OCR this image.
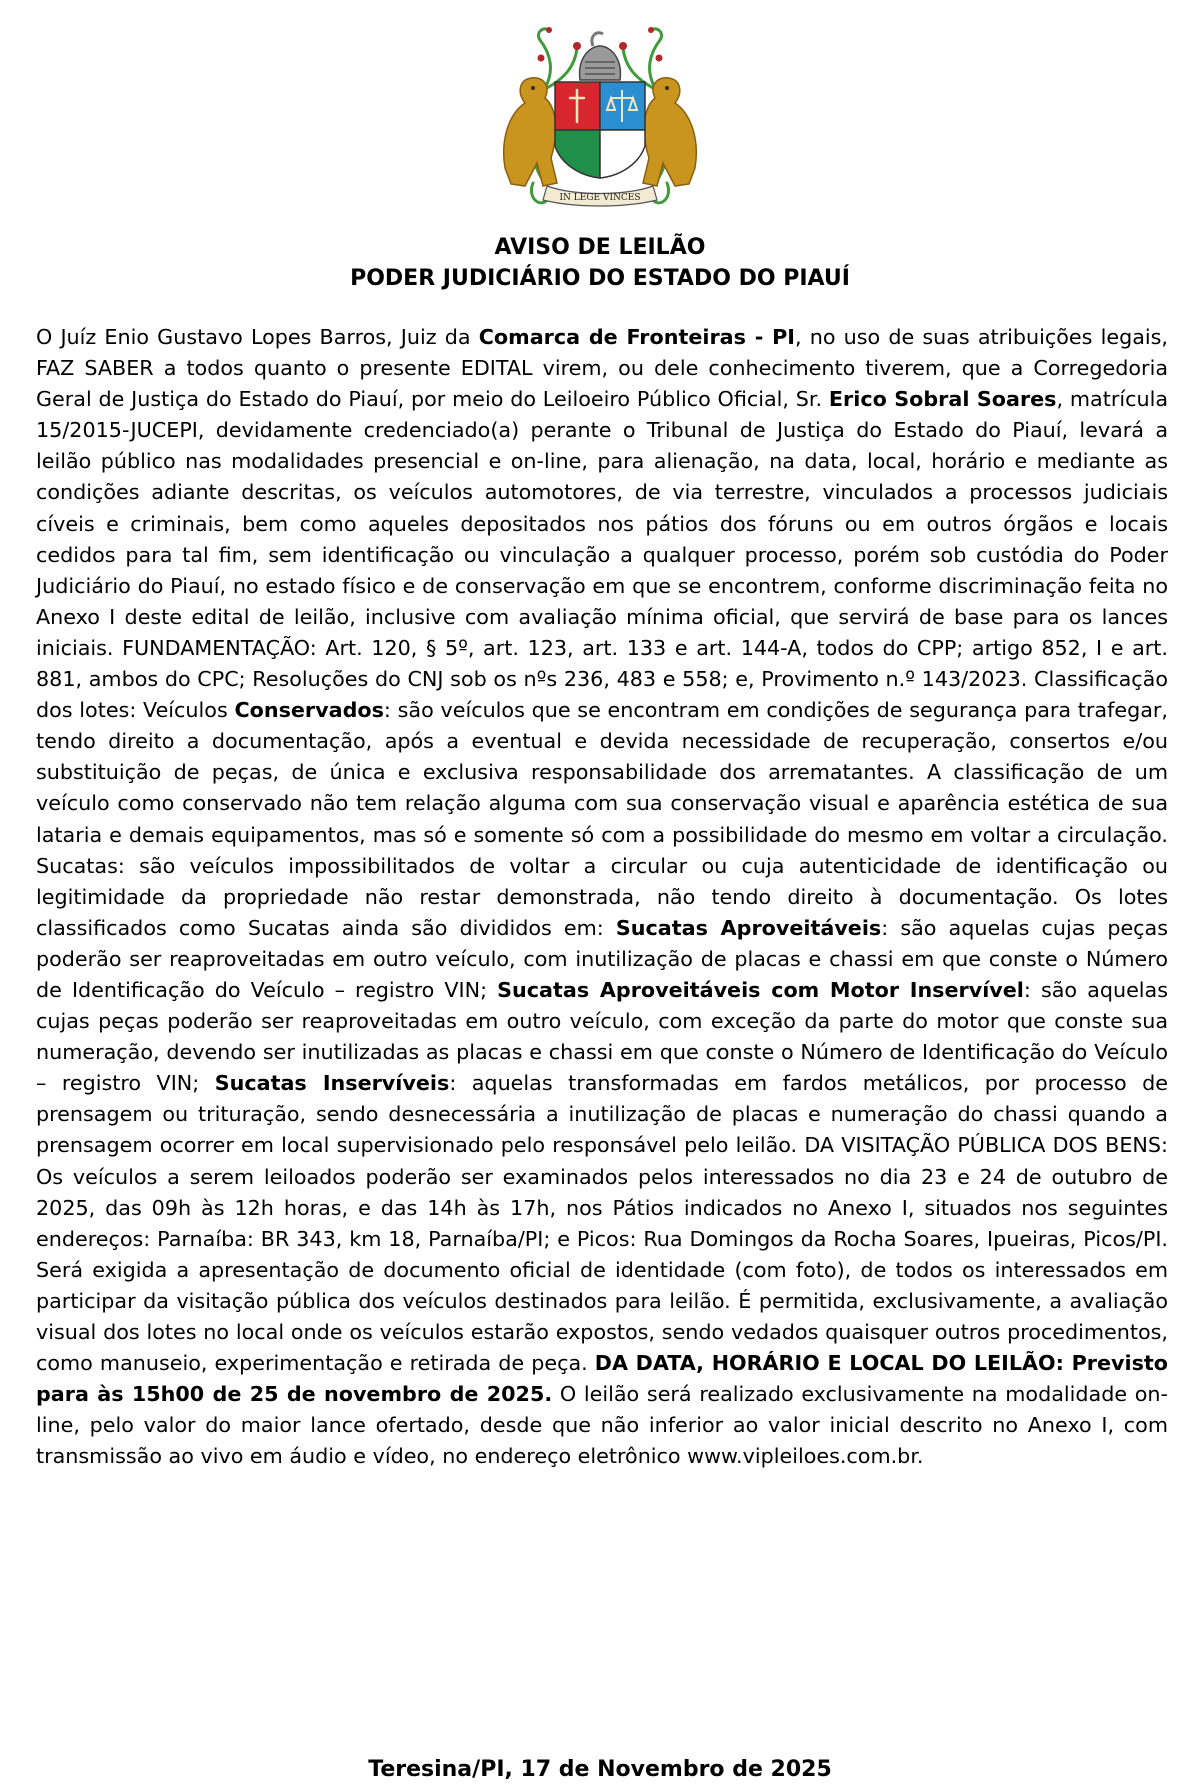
IN LEGE VINCES
AVISO DE LEILÃO
PODER JUDICIÁRIO DO ESTADO DO PIAUÍ
O Juíz Enio Gustavo Lopes Barros, Juiz da Comarca de Fronteiras - PI, no uso de suas atribuições legais, FAZ SABER a todos quanto o presente EDITAL virem, ou dele conhecimento tiverem, que a Corregedoria Geral de Justiça do Estado do Piauí, por meio do Leiloeiro Público Oficial, Sr. Erico Sobral Soares, matrícula 15/2015-JUCEPI, devidamente credenciado(a) perante o Tribunal de Justiça do Estado do Piauí, levará a leilão público nas modalidades presencial e on-line, para alienação, na data, local, horário e mediante as condições adiante descritas, os veículos automotores, de via terrestre, vinculados a processos judiciais cíveis e criminais, bem como aqueles depositados nos pátios dos fóruns ou em outros órgãos e locais cedidos para tal fim, sem identificação ou vinculação a qualquer processo, porém sob custódia do Poder Judiciário do Piauí, no estado físico e de conservação em que se encontrem, conforme discriminação feita no Anexo I deste edital de leilão, inclusive com avaliação mínima oficial, que servirá de base para os lances iniciais. FUNDAMENTAÇÃO: Art. 120, § 5º, art. 123, art. 133 e art. 144-A, todos do CPP; artigo 852, I e art. 881, ambos do CPC; Resoluções do CNJ sob os nºs 236, 483 e 558; e, Provimento n.º 143/2023. Classificação dos lotes: Veículos Conservados: são veículos que se encontram em condições de segurança para trafegar, tendo direito a documentação, após a eventual e devida necessidade de recuperação, consertos e/ou substituição de peças, de única e exclusiva responsabilidade dos arrematantes. A classificação de um veículo como conservado não tem relação alguma com sua conservação visual e aparência estética de sua lataria e demais equipamentos, mas só e somente só com a possibilidade do mesmo em voltar a circulação. Sucatas: são veículos impossibilitados de voltar a circular ou cuja autenticidade de identificação ou legitimidade da propriedade não restar demonstrada, não tendo direito à documentação. Os lotes classificados como Sucatas ainda são divididos em: Sucatas Aproveitáveis: são aquelas cujas peças poderão ser reaproveitadas em outro veículo, com inutilização de placas e chassi em que conste o Número de Identificação do Veículo – registro VIN; Sucatas Aproveitáveis com Motor Inservível: são aquelas cujas peças poderão ser reaproveitadas em outro veículo, com exceção da parte do motor que conste sua numeração, devendo ser inutilizadas as placas e chassi em que conste o Número de Identificação do Veículo – registro VIN; Sucatas Inservíveis: aquelas transformadas em fardos metálicos, por processo de prensagem ou trituração, sendo desnecessária a inutilização de placas e numeração do chassi quando a prensagem ocorrer em local supervisionado pelo responsável pelo leilão. DA VISITAÇÃO PÚBLICA DOS BENS: Os veículos a serem leiloados poderão ser examinados pelos interessados no dia 23 e 24 de outubro de 2025, das 09h às 12h horas, e das 14h às 17h, nos Pátios indicados no Anexo I, situados nos seguintes endereços: Parnaíba: BR 343, km 18, Parnaíba/PI; e Picos: Rua Domingos da Rocha Soares, Ipueiras, Picos/PI. Será exigida a apresentação de documento oficial de identidade (com foto), de todos os interessados em participar da visitação pública dos veículos destinados para leilão. É permitida, exclusivamente, a avaliação visual dos lotes no local onde os veículos estarão expostos, sendo vedados quaisquer outros procedimentos, como manuseio, experimentação e retirada de peça. DA DATA, HORÁRIO E LOCAL DO LEILÃO: Previsto para às 15h00 de 25 de novembro de 2025. O leilão será realizado exclusivamente na modalidade on-line, pelo valor do maior lance ofertado, desde que não inferior ao valor inicial descrito no Anexo I, com transmissão ao vivo em áudio e vídeo, no endereço eletrônico www.vipleiloes.com.br.
Teresina/PI, 17 de Novembro de 2025
